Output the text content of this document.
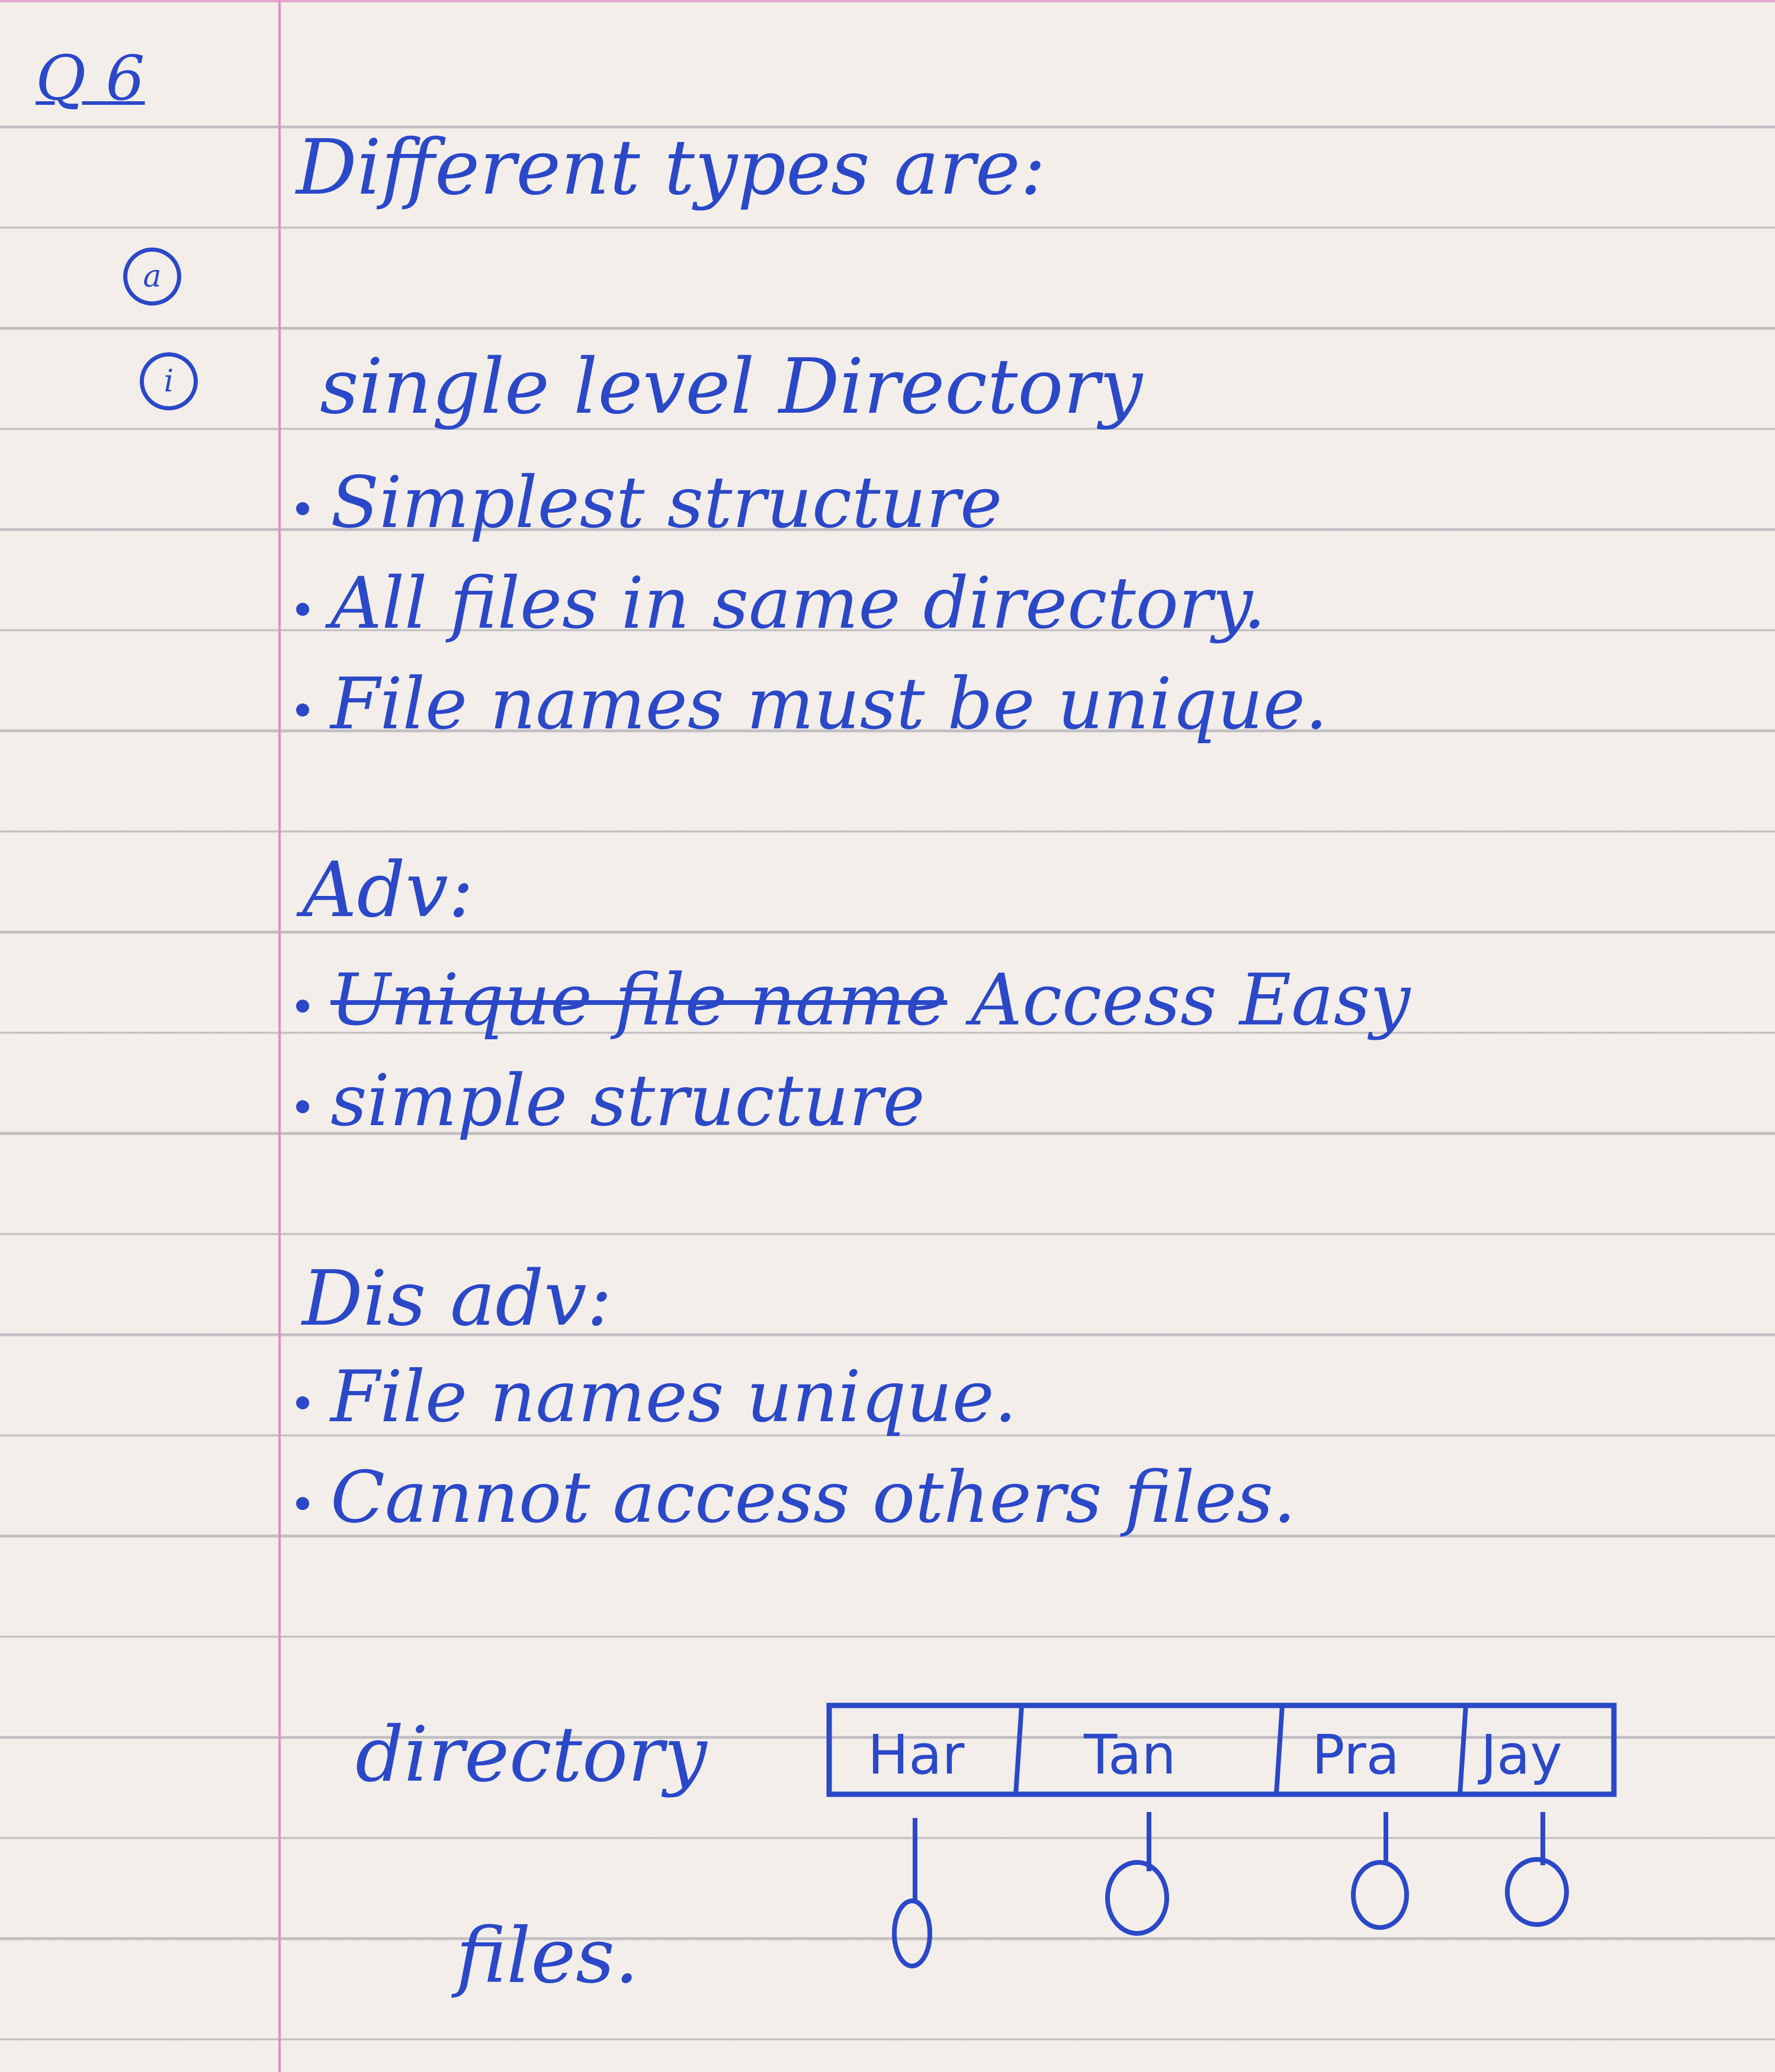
Q 6
Different types are:
a
i	single level Directory
Simplest structure
All files in same directory.
File names must be unique.
Adv:
Unique file name Access Easy
simple structure
Dis adv:
File names unique.
Cannot access others files.
directory
files.
Har Tan Pra Jay
